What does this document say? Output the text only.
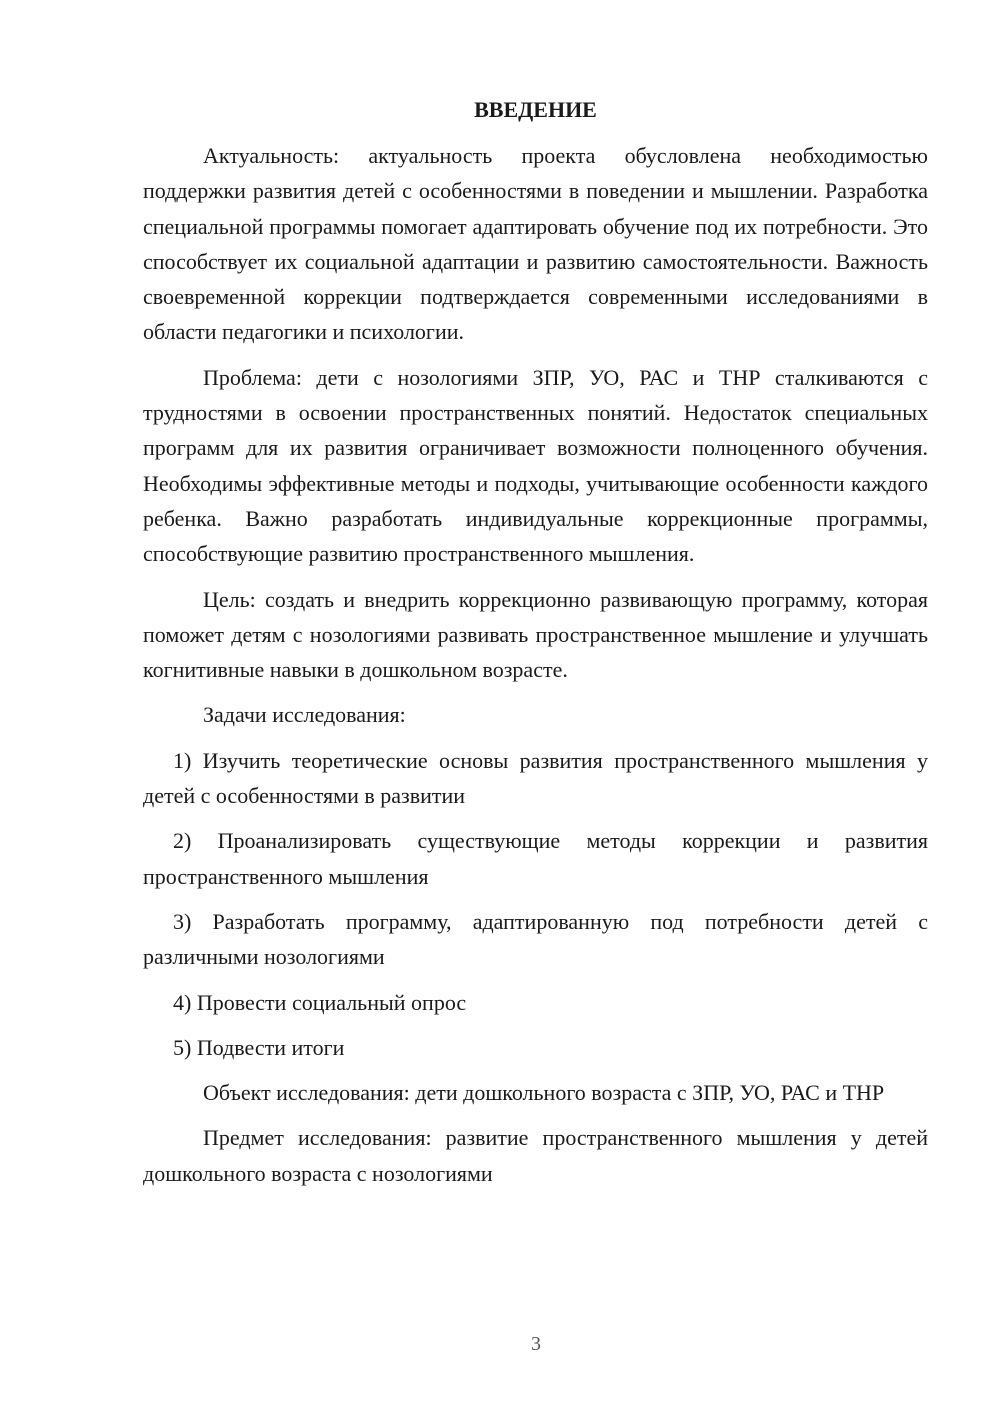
ВВЕДЕНИЕ

Актуальность: актуальность проекта обусловлена необходимостью поддержки развития детей с особенностями в поведении и мышлении. Разработка специальной программы помогает адаптировать обучение под их потребности. Это способствует их социальной адаптации и развитию самостоятельности. Важность своевременной коррекции подтверждается современными исследованиями в области педагогики и психологии.

Проблема: дети с нозологиями ЗПР, УО, РАС и ТНР сталкиваются с трудностями в освоении пространственных понятий. Недостаток специальных программ для их развития ограничивает возможности полноценного обучения. Необходимы эффективные методы и подходы, учитывающие особенности каждого ребенка. Важно разработать индивидуальные коррекционные программы, способствующие развитию пространственного мышления.

Цель: создать и внедрить коррекционно развивающую программу, которая поможет детям с нозологиями развивать пространственное мышление и улучшать когнитивные навыки в дошкольном возрасте.

Задачи исследования:

1) Изучить теоретические основы развития пространственного мышления у детей с особенностями в развитии

2) Проанализировать существующие методы коррекции и развития пространственного мышления

3) Разработать программу, адаптированную под потребности детей с различными нозологиями

4) Провести социальный опрос

5) Подвести итоги

Объект исследования: дети дошкольного возраста с ЗПР, УО, РАС и ТНР

Предмет исследования: развитие пространственного мышления у детей дошкольного возраста с нозологиями

3
